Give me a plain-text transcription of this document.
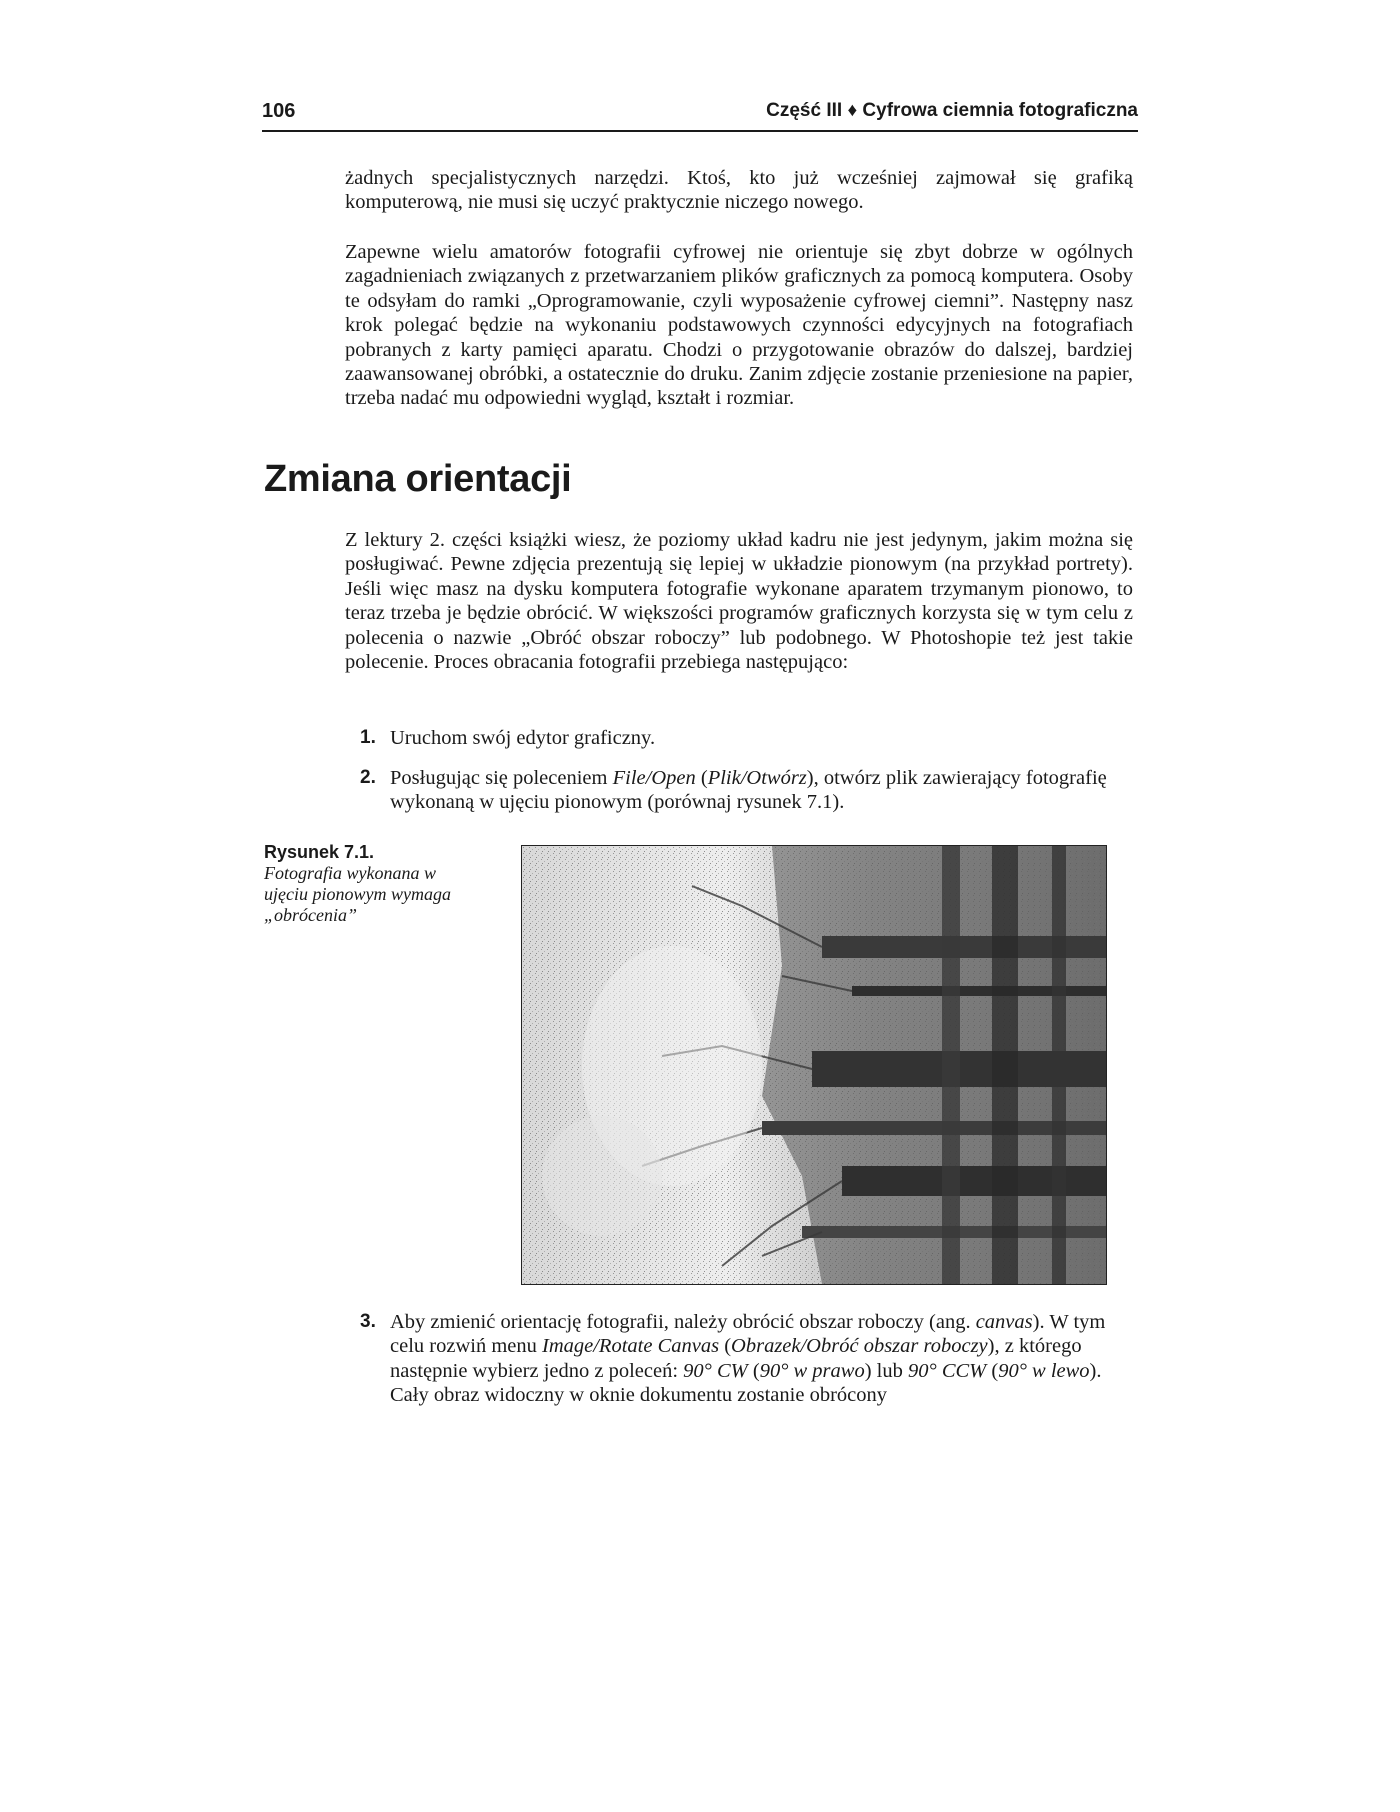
106	Część III ♦ Cyfrowa ciemnia fotograficzna

żadnych specjalistycznych narzędzi. Ktoś, kto już wcześniej zajmował się grafiką komputerową, nie musi się uczyć praktycznie niczego nowego.

Zapewne wielu amatorów fotografii cyfrowej nie orientuje się zbyt dobrze w ogólnych zagadnieniach związanych z przetwarzaniem plików graficznych za pomocą komputera. Osoby te odsyłam do ramki „Oprogramowanie, czyli wyposażenie cyfrowej ciemni”. Następny nasz krok polegać będzie na wykonaniu podstawowych czynności edycyjnych na fotografiach pobranych z karty pamięci aparatu. Chodzi o przygotowanie obrazów do dalszej, bardziej zaawansowanej obróbki, a ostatecznie do druku. Zanim zdjęcie zostanie przeniesione na papier, trzeba nadać mu odpowiedni wygląd, kształt i rozmiar.

Zmiana orientacji

Z lektury 2. części książki wiesz, że poziomy układ kadru nie jest jedynym, jakim można się posługiwać. Pewne zdjęcia prezentują się lepiej w układzie pionowym (na przykład portrety). Jeśli więc masz na dysku komputera fotografie wykonane aparatem trzymanym pionowo, to teraz trzeba je będzie obrócić. W większości programów graficznych korzysta się w tym celu z polecenia o nazwie „Obróć obszar roboczy” lub podobnego. W Photoshopie też jest takie polecenie. Proces obracania fotografii przebiega następująco:

1. Uruchom swój edytor graficzny.
2. Posługując się poleceniem File/Open (Plik/Otwórz), otwórz plik zawierający fotografię wykonaną w ujęciu pionowym (porównaj rysunek 7.1).
Rysunek 7.1.
Fotografia wykonana w ujęciu pionowym wymaga „obrócenia”
3. Aby zmienić orientację fotografii, należy obrócić obszar roboczy (ang. canvas). W tym celu rozwiń menu Image/Rotate Canvas (Obrazek/Obróć obszar roboczy), z którego następnie wybierz jedno z poleceń: 90° CW (90° w prawo) lub 90° CCW (90° w lewo). Cały obraz widoczny w oknie dokumentu zostanie obrócony
